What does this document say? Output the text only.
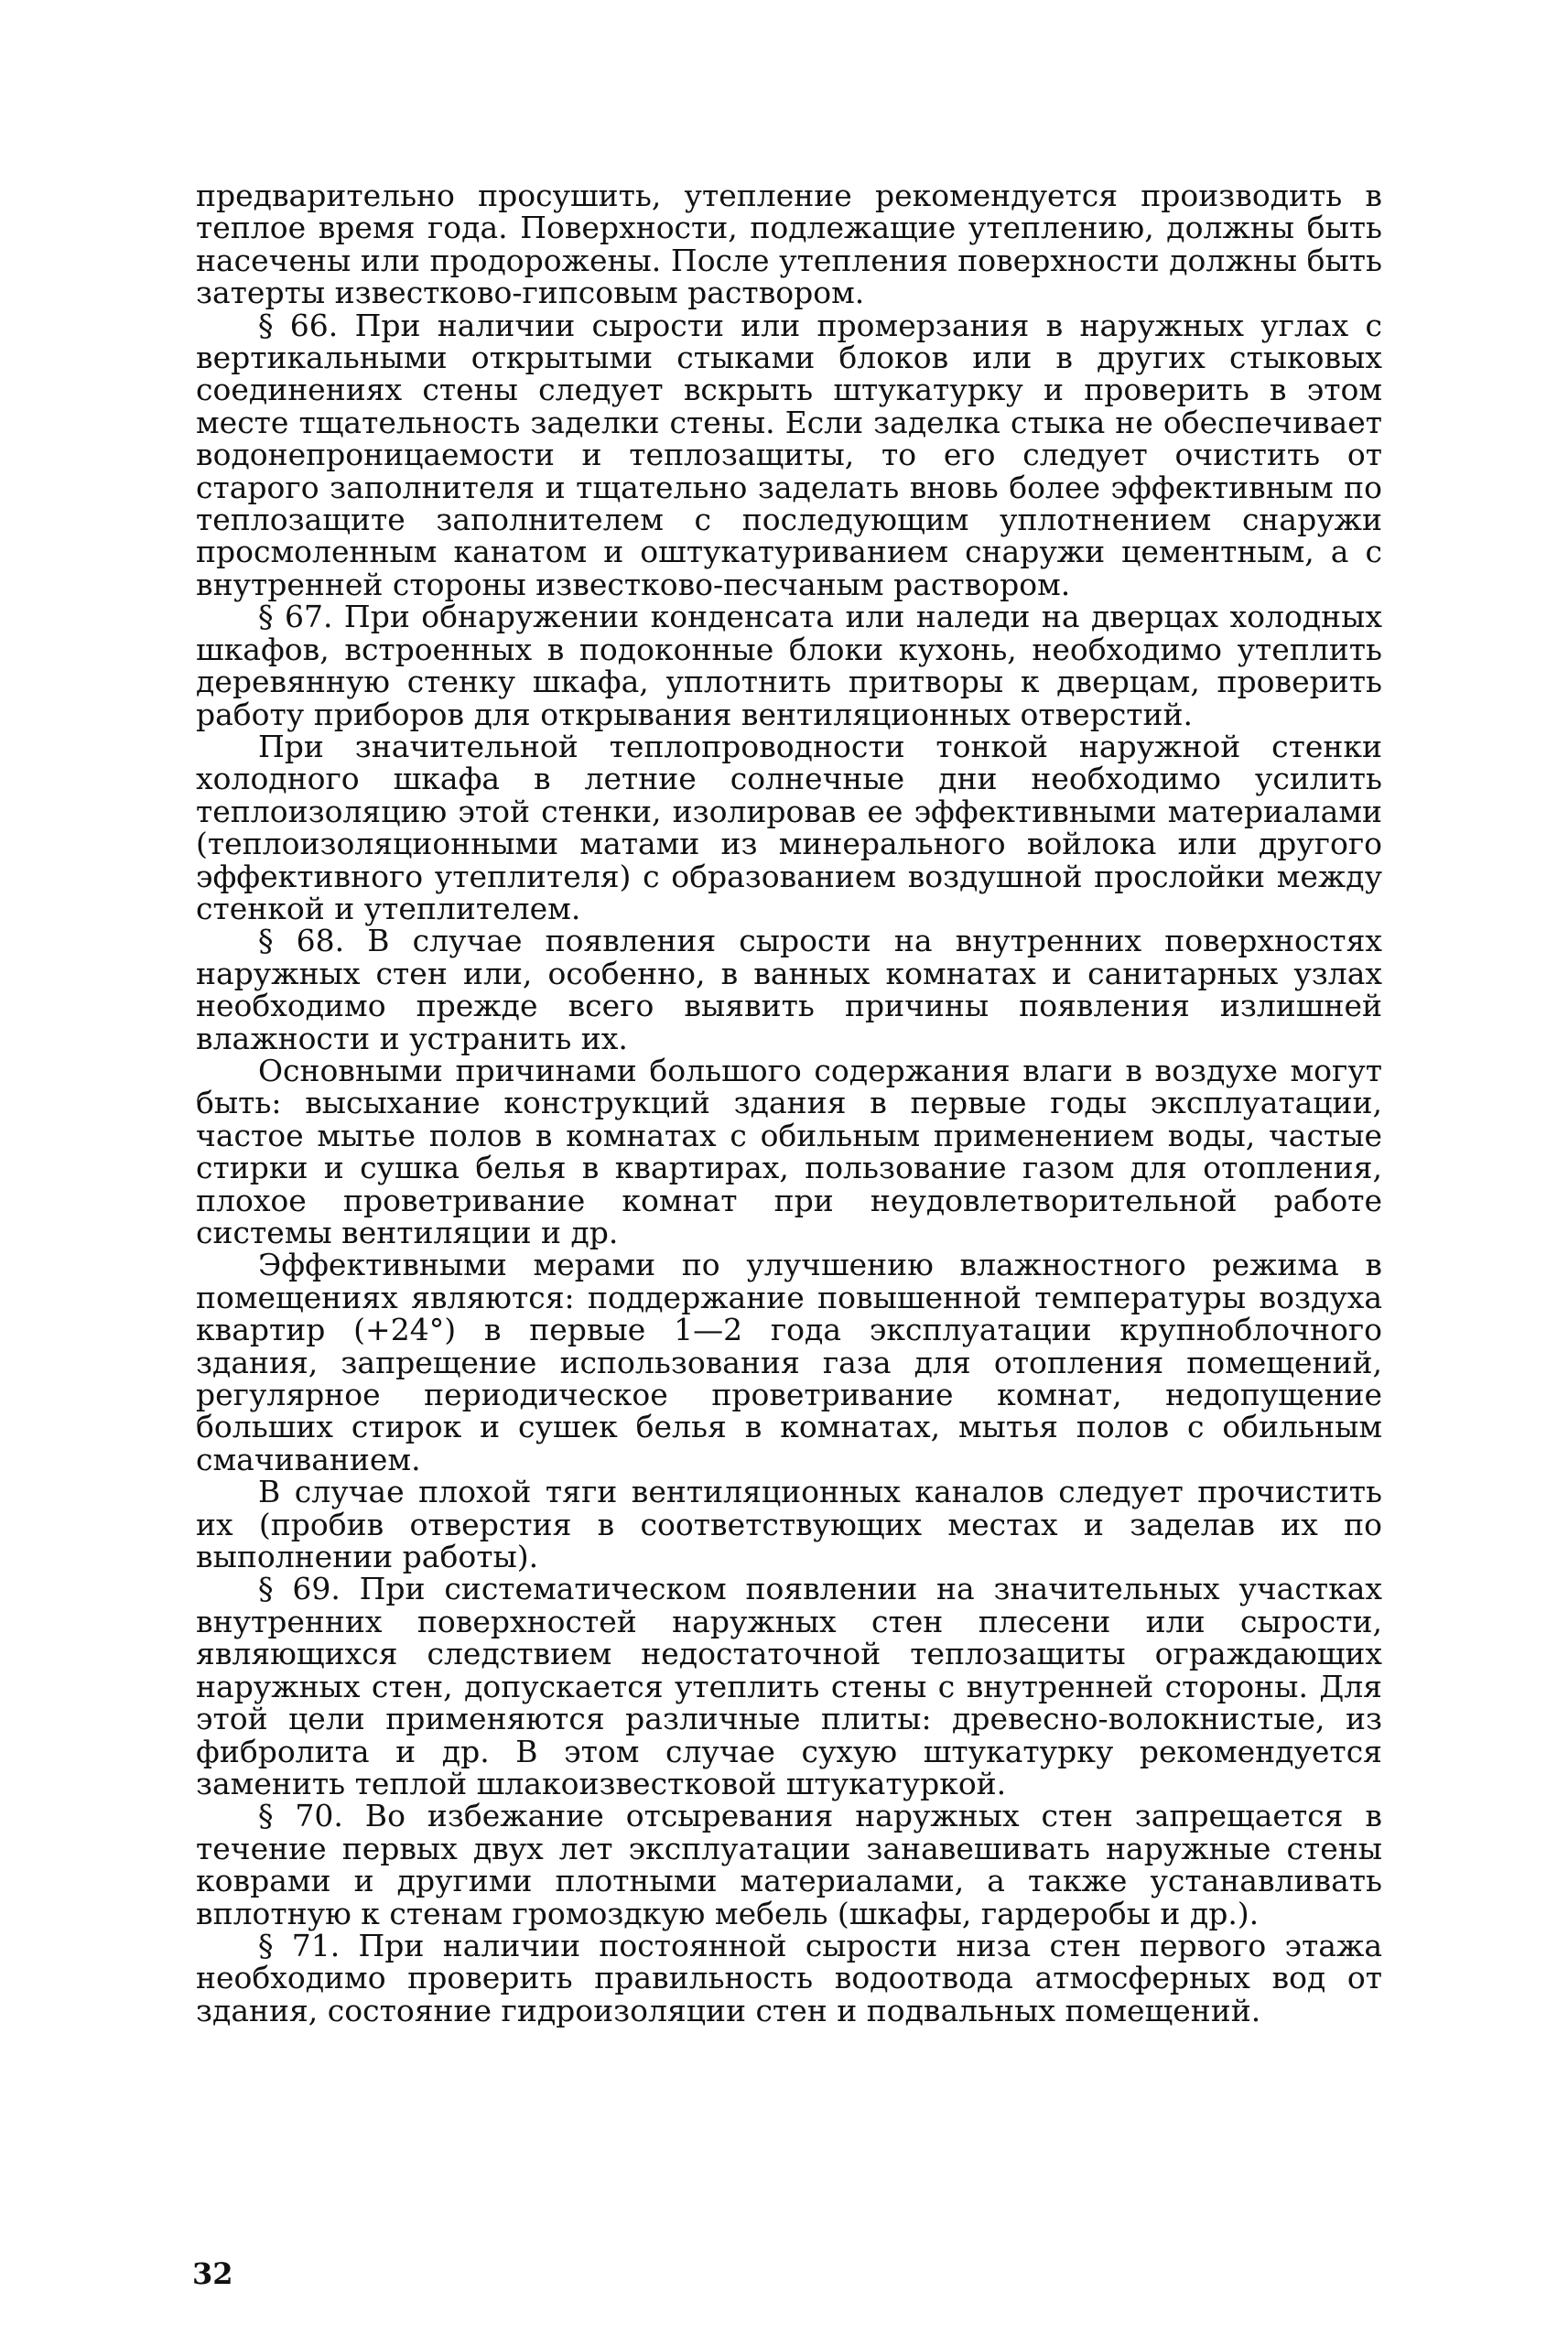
предварительно просушить, утепление рекомендуется производить в теплое время года. Поверхности, подлежащие утеплению, должны быть насечены или продорожены. После утепления поверхности должны быть затерты известково-гипсовым раствором.

§ 66. При наличии сырости или промерзания в наружных углах с вертикальными открытыми стыками блоков или в других стыковых соединениях стены следует вскрыть штукатурку и проверить в этом месте тщательность заделки стены. Если заделка стыка не обеспечивает водонепроницаемости и теплозащиты, то его следует очистить от старого заполнителя и тщательно заделать вновь более эффективным по теплозащите заполнителем с последующим уплотнением снаружи просмоленным канатом и оштукатуриванием снаружи цементным, а с внутренней стороны известково-песчаным раствором.

§ 67. При обнаружении конденсата или наледи на дверцах холодных шкафов, встроенных в подоконные блоки кухонь, необходимо утеплить деревянную стенку шкафа, уплотнить притворы к дверцам, проверить работу приборов для открывания вентиляционных отверстий.

При значительной теплопроводности тонкой наружной стенки холодного шкафа в летние солнечные дни необходимо усилить теплоизоляцию этой стенки, изолировав ее эффективными материалами (теплоизоляционными матами из минерального войлока или другого эффективного утеплителя) с образованием воздушной прослойки между стенкой и утеплителем.

§ 68. В случае появления сырости на внутренних поверхностях наружных стен или, особенно, в ванных комнатах и санитарных узлах необходимо прежде всего выявить причины появления излишней влажности и устранить их.

Основными причинами большого содержания влаги в воздухе могут быть: высыхание конструкций здания в первые годы эксплуатации, частое мытье полов в комнатах с обильным применением воды, частые стирки и сушка белья в квартирах, пользование газом для отопления, плохое проветривание комнат при неудовлетворительной работе системы вентиляции и др.

Эффективными мерами по улучшению влажностного режима в помещениях являются: поддержание повышенной температуры воздуха квартир (+24°) в первые 1—2 года эксплуатации крупноблочного здания, запрещение использования газа для отопления помещений, регулярное периодическое проветривание комнат, недопущение больших стирок и сушек белья в комнатах, мытья полов с обильным смачиванием.

В случае плохой тяги вентиляционных каналов следует прочистить их (пробив отверстия в соответствующих местах и заделав их по выполнении работы).

§ 69. При систематическом появлении на значительных участках внутренних поверхностей наружных стен плесени или сырости, являющихся следствием недостаточной теплозащиты ограждающих наружных стен, допускается утеплить стены с внутренней стороны. Для этой цели применяются различные плиты: древесно-волокнистые, из фибролита и др. В этом случае сухую штукатурку рекомендуется заменить теплой шлакоизвестковой штукатуркой.

§ 70. Во избежание отсыревания наружных стен запрещается в течение первых двух лет эксплуатации занавешивать наружные стены коврами и другими плотными материалами, а также устанавливать вплотную к стенам громоздкую мебель (шкафы, гардеробы и др.).

§ 71. При наличии постоянной сырости низа стен первого этажа необходимо проверить правильность водоотвода атмосферных вод от здания, состояние гидроизоляции стен и подвальных помещений.

32
